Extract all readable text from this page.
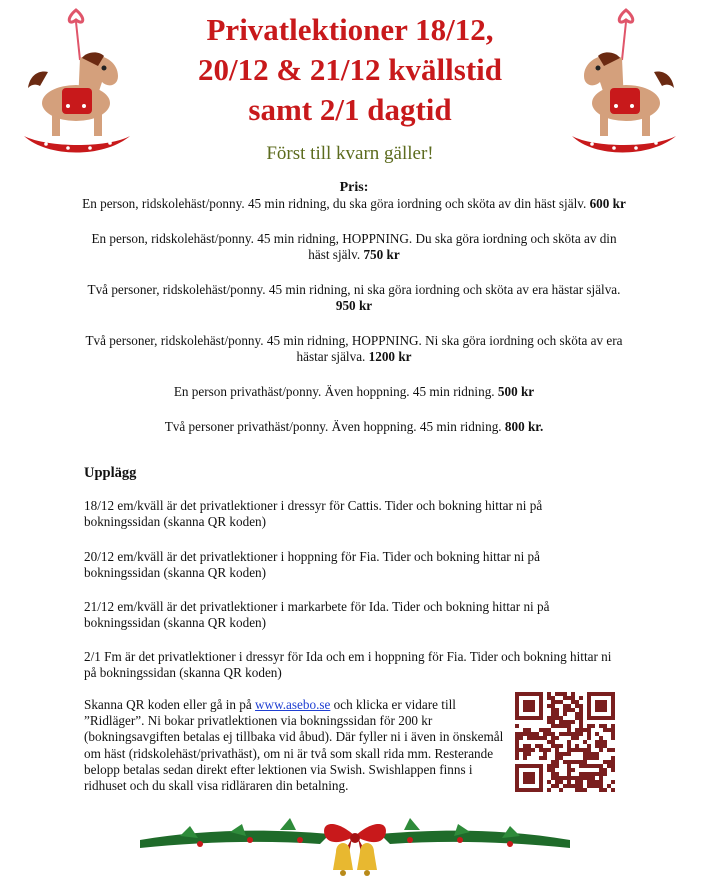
Privatlektioner 18/12,
20/12 & 21/12 kvällstid
samt 2/1 dagtid
Först till kvarn gäller!
Pris:
En person, ridskolehäst/ponny. 45 min ridning, du ska göra iordning och sköta av din häst själv. 600 kr
En person, ridskolehäst/ponny. 45 min ridning, HOPPNING. Du ska göra iordning och sköta av din häst själv. 750 kr
Två personer, ridskolehäst/ponny. 45 min ridning, ni ska göra iordning och sköta av era hästar själva. 950 kr
Två personer, ridskolehäst/ponny. 45 min ridning, HOPPNING. Ni ska göra iordning och sköta av era hästar själva. 1200 kr
En person privathäst/ponny. Även hoppning. 45 min ridning. 500 kr
Två personer privathäst/ponny. Även hoppning. 45 min ridning. 800 kr.
Upplägg
18/12 em/kväll är det privatlektioner i dressyr för Cattis. Tider och bokning hittar ni på bokningssidan (skanna QR koden)
20/12 em/kväll är det privatlektioner i hoppning för Fia. Tider och bokning hittar ni på bokningssidan (skanna QR koden)
21/12 em/kväll är det privatlektioner i markarbete för Ida. Tider och bokning hittar ni på bokningssidan (skanna QR koden)
2/1 Fm är det privatlektioner i dressyr för Ida och em i hoppning för Fia. Tider och bokning hittar ni på bokningssidan (skanna QR koden)
Skanna QR koden eller gå in på www.asebo.se och klicka er vidare till ”Ridläger”. Ni bokar privatlektionen via bokningssidan för 200 kr (bokningsavgiften betalas ej tillbaka vid åbud). Där fyller ni i även in önskemål om häst (ridskolehäst/privathäst), om ni är två som skall rida mm. Resterande belopp betalas sedan direkt efter lektionen via Swish. Swishlappen finns i ridhuset och du skall visa ridläraren din betalning.
